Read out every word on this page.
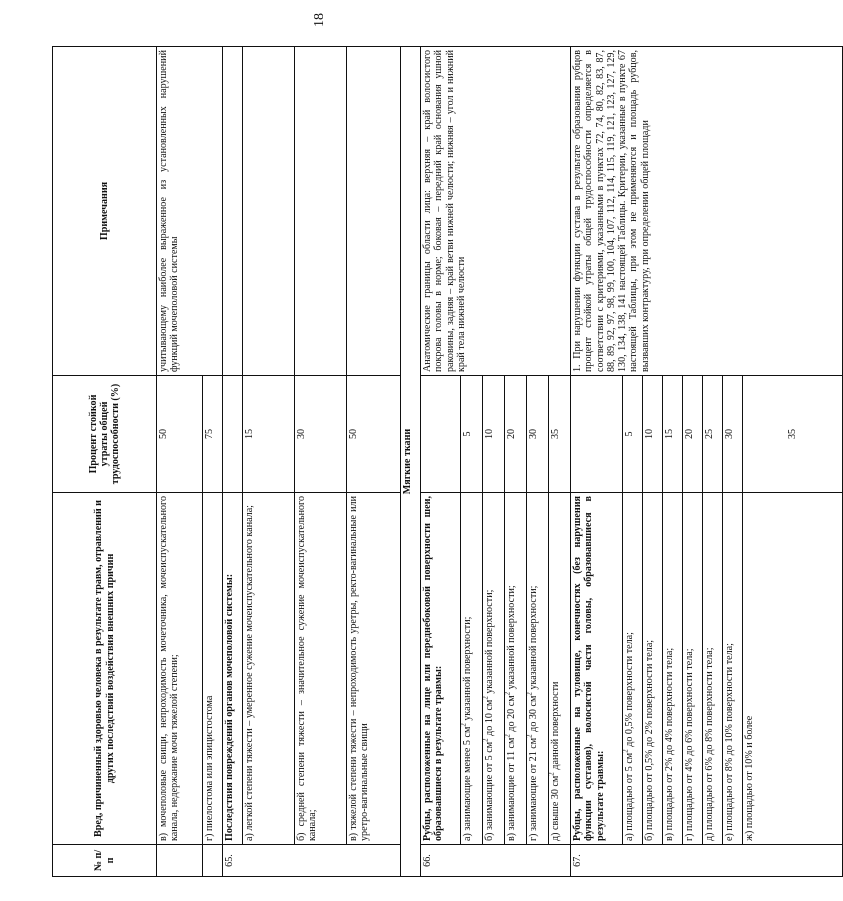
18
№ п/п	Вред, причиненный здоровью человека в результате травм, отравлений и других последствий воздействия внешних причин	Процент стойкой утраты общей трудоспособности (%)	Примечания
	в) мочеполовые свищи, непроходимость мочеточника, мочеиспускательного канала, недержание мочи тяжелой степени;	50	учитывающему наиболее выраженное из установленных нарушений функций мочеполовой системы
	г) пиелостома или эпицистостома	75	
65.	Последствия повреждений органов мочеполовой системы:		
	а) легкой степени тяжести – умеренное сужение мочеиспускательного канала;	15	
	б) средней степени тяжести – значительное сужение мочеиспускательного канала;	30	
	в) тяжелой степени тяжести – непроходимость уретры, ректо-вагинальные или уретро-вагинальные свищи	50	
Мягкие ткани			
66.	Рубцы, расположенные на лице или переднебоковой поверхности шеи, образовавшиеся в результате травмы:		Анатомические границы области лица: верхняя – край волосистого покрова головы в норме; боковая – передний край основания ушной раковины, задняя – край ветви нижней челюсти; нижняя – угол и нижний край тела нижней челюсти
	а) занимающие менее 5 $см^2$ указанной поверхности;	5	
	б) занимающие от 5 $см^2$ до 10 $см^2$ указанной поверхности;	10	
	в) занимающие от 11 $см^2$ до 20 $см^2$ указанной поверхности;	20	
	г) занимающие от 21 $см^2$ до 30 $см^2$ указанной поверхности;	30	
	д) свыше 30 $см^2$ данной поверхности	35	
67.	Рубцы, расположенные на туловище, конечностях (без нарушения функции суставов), волосистой части головы, образовавшиеся в результате травмы:		1. При нарушении функции сустава в результате образования рубцов процент стойкой утраты общей трудоспособности определяется в соответствии с критериями, указанными в пунктах 72, 74, 80, 82, 83, 87, 88, 89, 92, 97, 98, 99, 100, 104, 107, 112, 114, 115, 119, 121, 123, 127, 129, 130, 134, 138, 141 настоящей Таблицы. Критерии, указанные в пункте 67 настоящей Таблицы, при этом не применяются и площадь рубцов, вызвавших контрактуру, при определении общей площади
	а) площадью от 5 $см^2$ до 0,5% поверхности тела;	5	
	б) площадью от 0,5% до 2% поверхности тела;	10	
	в) площадью от 2% до 4% поверхности тела;	15	
	г) площадью от 4% до 6% поверхности тела;	20	
	д) площадью от 6% до 8% поверхности тела;	25	
	е) площадью от 8% до 10% поверхности тела;	30	
	ж) площадью от 10% и более	35	
